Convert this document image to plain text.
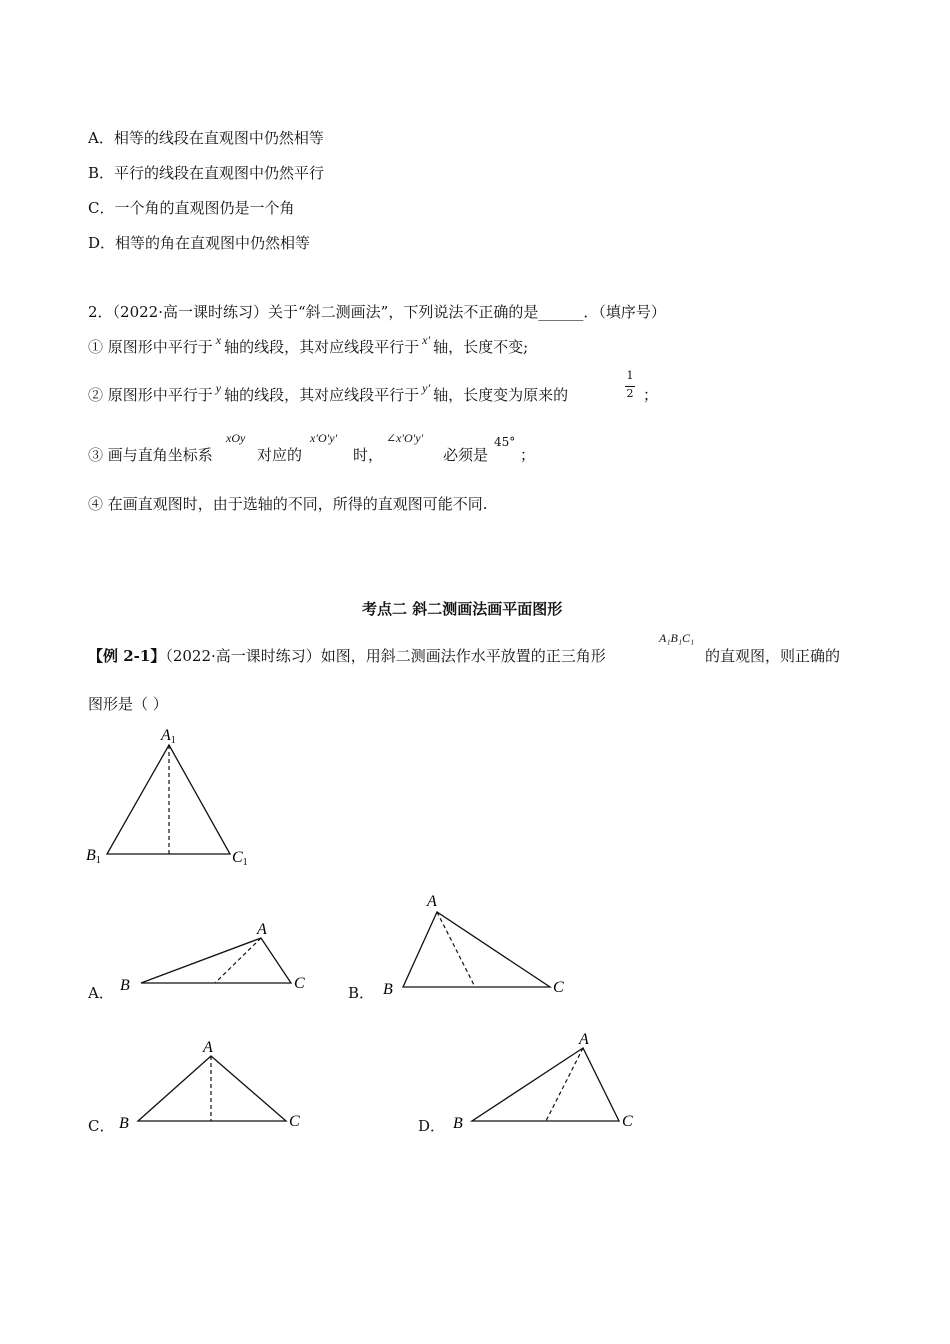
A．相等的线段在直观图中仍然相等
B．平行的线段在直观图中仍然平行
C．一个角的直观图仍是一个角
D．相等的角在直观图中仍然相等
2．（2022·高一课时练习）关于“斜二测画法”，下列说法不正确的是______．（填序号）
① 原图形中平行于 $^x$ 轴的线段，其对应线段平行于 $^{x'}$ 轴，长度不变;
② 原图形中平行于 $^y$ 轴的线段，其对应线段平行于 $^{y'}$ 轴，长度变为原来的
1
2 ；
③ 画与直角坐标系
xOy
对应的
x′O′y′
时，
∠x′O′y′
必须是
45°
；
④ 在画直观图时，由于选轴的不同，所得的直观图可能不同.
考点二 斜二测画法画平面图形
【例 2-1】（2022·高一课时练习）如图，用斜二测画法作水平放置的正三角形
A₁B₁C₁
的直观图，则正确的
图形是（ ）
A1
B1	C1
A．
A
B	C
B．
A
B	C
C．
A
B	C	D．
A
B	C
